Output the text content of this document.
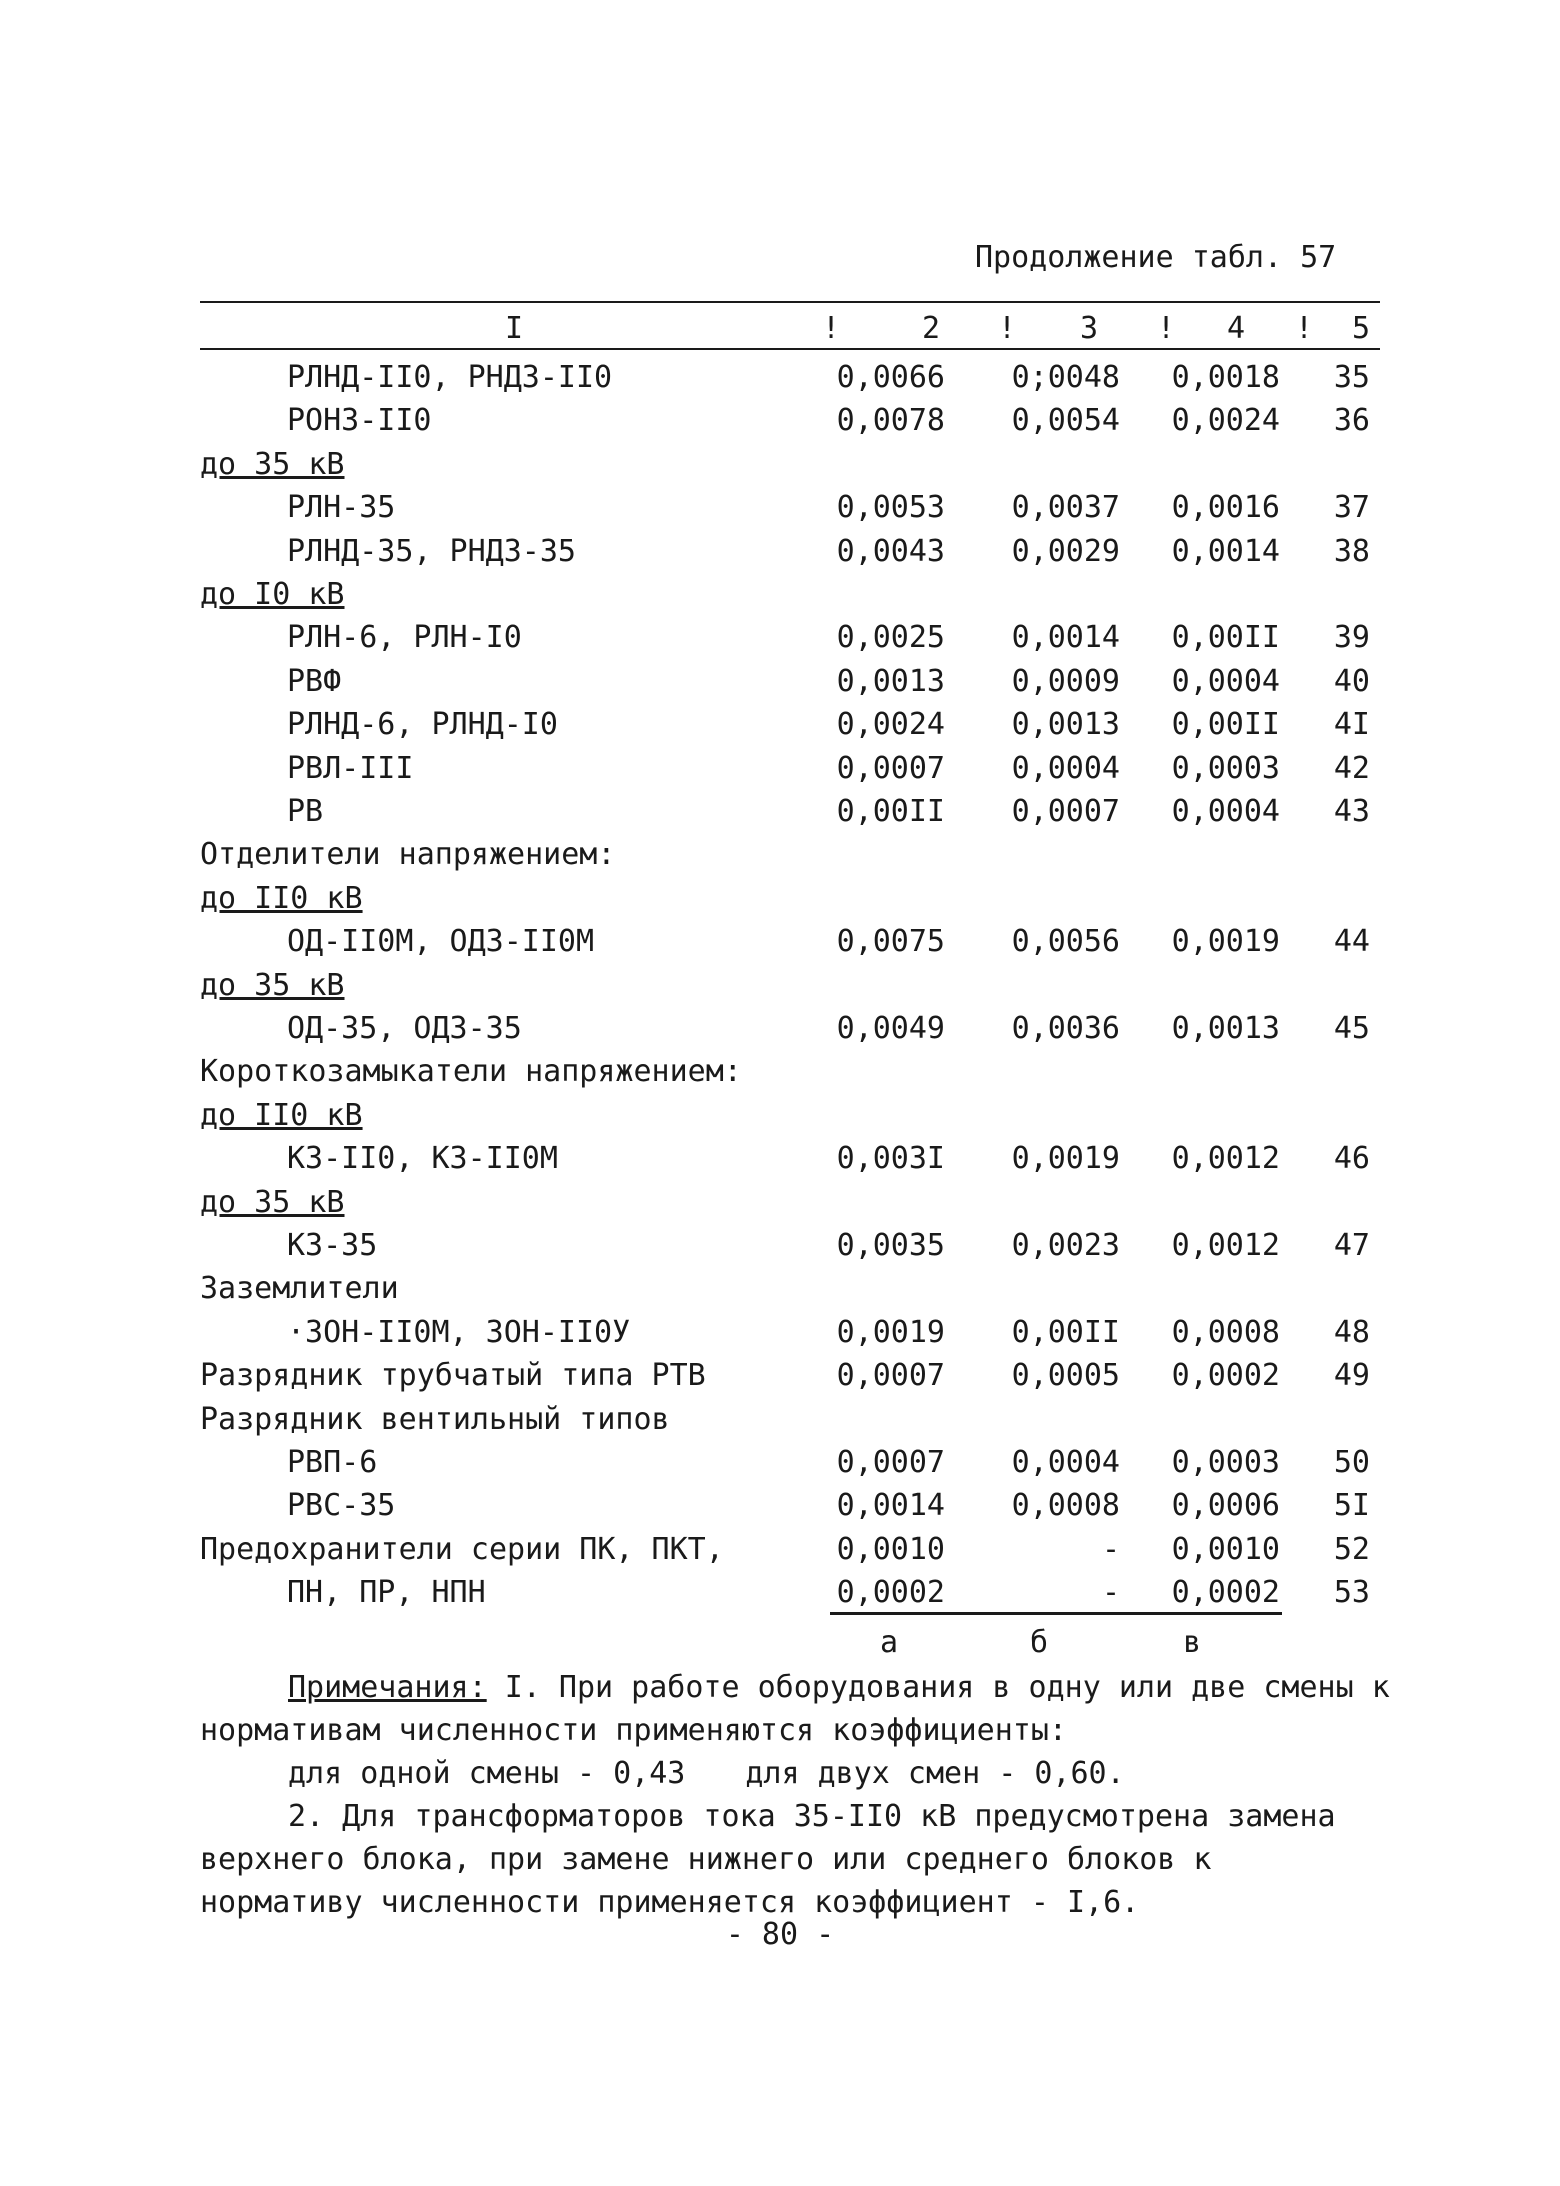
Продолжение табл. 57
I	!	2 ! 3 ! 4 ! 5
РЛНД-II0, РНДЗ-II0	0,0066 0;0048 0,0018 35
РОНЗ-II0	0,0078 0,0054 0,0024 36
до 35 кВ
РЛН-35	0,0053 0,0037 0,0016 37
РЛНД-35, РНДЗ-35	0,0043 0,0029 0,0014 38
до I0 кВ
РЛН-6, РЛН-I0	0,0025 0,0014 0,00II 39
РВФ	0,0013 0,0009 0,0004 40
РЛНД-6, РЛНД-I0	0,0024 0,0013 0,00II 4I
РВЛ-III	0,0007 0,0004 0,0003 42
РВ	0,00II 0,0007 0,0004 43
Отделители напряжением:
до II0 кВ
ОД-II0М, ОДЗ-II0М	0,0075 0,0056 0,0019 44
до 35 кВ
ОД-35, ОДЗ-35	0,0049 0,0036 0,0013 45
Короткозамыкатели напряжением:
до II0 кВ
КЗ-II0, КЗ-II0М	0,003I 0,0019 0,0012 46
до 35 кВ
КЗ-35	0,0035 0,0023 0,0012 47
Заземлители
·ЗОН-II0М, ЗОН-II0У	0,0019 0,00II 0,0008 48
Разрядник трубчатый типа РТВ	0,0007 0,0005 0,0002 49
Разрядник вентильный типов
РВП-6	0,0007 0,0004 0,0003 50
РВС-35	0,0014 0,0008 0,0006 5I
Предохранители серии ПК, ПКТ,	0,0010	- 0,0010 52
ПН, ПР, НПН	0,0002	- 0,0002 53
а	б	в

Примечания: I. При работе оборудования в одну или две смены к нормативам численности применяются коэффициенты:

для одной смены - 0,43 для двух смен - 0,60.

2. Для трансформаторов тока 35-II0 кВ предусмотрена замена верхнего блока, при замене нижнего или среднего блоков к нормативу численности применяется коэффициент - I,6.

- 80 -
